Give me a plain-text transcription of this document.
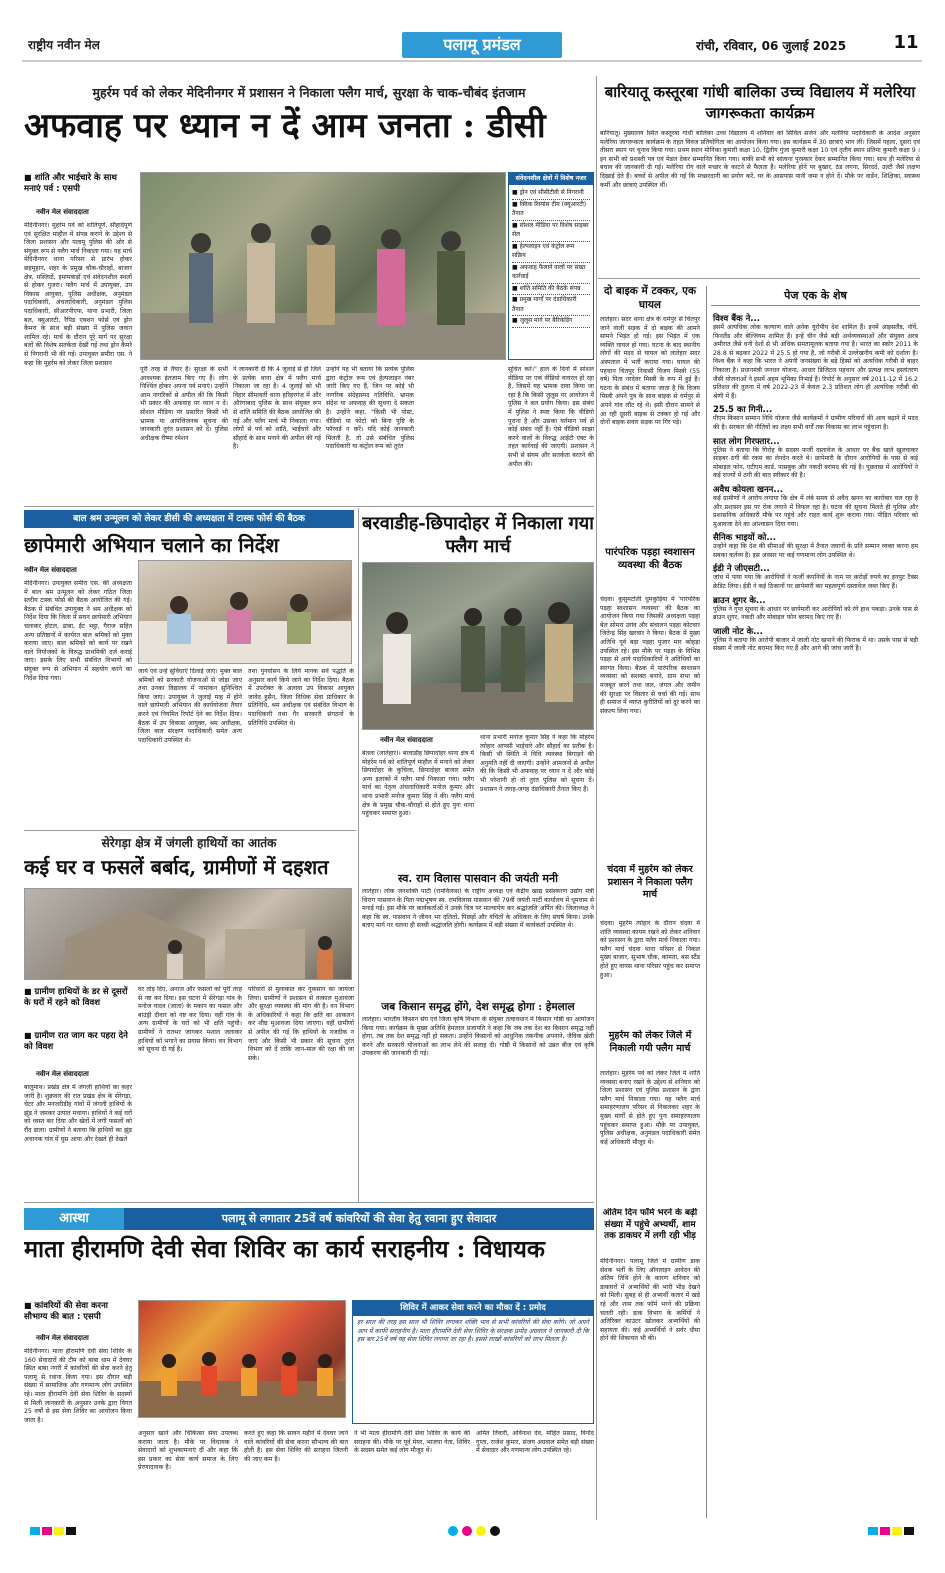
राष्ट्रीय नवीन मेल	पलामू प्रमंडल	रांची, रविवार, 06 जुलाई 2025	11
मुहर्रम पर्व को लेकर मेदिनीनगर में प्रशासन ने निकाला फ्लैग मार्च, सुरक्षा के चाक-चौबंद इंतजाम
अफवाह पर ध्यान न दें आम जनता : डीसी
■ शांति और भाईचारे के साथ मनाएं पर्व : एसपी
नवीन मेल संवाददाता
मेदिनीनगर। मुहर्रम पर्व को शांतिपूर्ण, सौहार्दपूर्ण एवं सुरक्षित माहौल में संपन्न कराने के उद्देश्य से जिला प्रशासन और पलामू पुलिस की ओर से संयुक्त रूप से फ्लैग मार्च निकाला गया। यह मार्च मेदिनीनगर थाना परिसर से प्रारंभ होकर छहमुहान, शहर के प्रमुख चौक-चौराहों, बाजार क्षेत्र, मस्जिदों, इमामबाड़ों एवं संवेदनशील स्थलों से होकर गुजरा। फ्लैग मार्च में उपायुक्त, उप विकास आयुक्त, पुलिस अधीक्षक, अनुमंडल पदाधिकारी, अंचलाधिकारी, अनुमंडल पुलिस पदाधिकारी, सीआरपीएफ, थाना प्रभारी, जिला बल, क्यूआरटी, रैपिड एक्शन फोर्स एवं ड्रोन कैमरा के साथ बड़ी संख्या में पुलिस जवान शामिल रहे। मार्च के दौरान पूरे मार्ग पर सुरक्षा बलों की विशेष सतर्कता देखी गई तथा ड्रोन कैमरे से निगरानी भी की गई। उपायुक्त समीरा एस. ने कहा कि मुहर्रम को लेकर जिला प्रशासन
संवेदनशील क्षेत्रों में विशेष नजर
■ ड्रोन एवं सीसीटीवी से निगरानी
■ क्विक रिस्पांस टीम (क्यूआरटी) तैनात
■ सोशल मीडिया पर विशेष साइबर सेल
■ हेल्पलाइन एवं कंट्रोल रूम सक्रिय
■ अफवाह फैलाने वालों पर सख्त कार्रवाई
■ शांति समिति की बैठकें संपन्न
■ प्रमुख मार्गों पर दंडाधिकारी तैनात
■ जुलूस मार्ग पर बैरिकेडिंग
पूरी तरह से तैयार है। सुरक्षा के सभी आवश्यक इंतजाम किए गए हैं। लोग निश्चिंत होकर अपना पर्व मनाएं। उन्होंने आम नागरिकों से अपील की कि किसी भी प्रकार की अफवाह पर ध्यान न दें। सोशल मीडिया पर प्रसारित किसी भी भ्रामक या आपत्तिजनक सूचना की जानकारी तुरंत प्रशासन को दें। पुलिस अधीक्षक रीष्मा रमेशन
ने जानकारी दी कि 4 जुलाई से ही जिले के प्रत्येक थाना क्षेत्र में फ्लैग मार्च निकाला जा रहा है। 4 जुलाई को भी विहार सीमावर्ती थाना हरिहरगंज में और औरंगाबाद पुलिस के साथ संयुक्त रूप से शांति समिति की बैठक आयोजित की गई और फ्लैग मार्च भी निकाला गया। लोगों से पर्व को शांति, भाईचारे और सौहार्द के साथ मनाने की अपील की गई है।
उन्होंने यह भी बताया कि प्रत्येक पुलिस द्वारा कंट्रोल रूम एवं हेल्पलाइन नंबर जारी किए गए हैं, जिन पर कोई भी नागरिक संदेहास्पद गतिविधि, भ्रामक संदेश या अफवाह की सूचना दे सकता है। उन्होंने कहा, "किसी भी पोस्ट, वीडियो या फोटो को बिना पुष्टि के फॉरवर्ड न करें। यदि कोई जानकारी मिलती है, तो उसे संबंधित पुलिस पदाधिकारी या कंट्रोल रूम को तुरंत
सूचित करें।" हाल के दिनों में सोशल मीडिया पर एक वीडियो वायरल हो रहा है, जिसमें यह भ्रामक दावा किया जा रहा है कि किसी जुलूस पर आयोजन में पुलिस ने बल प्रयोग किया। इस संबंध में पुलिस ने स्पष्ट किया कि वीडियो पुराना है और उसका वर्तमान पर्व से कोई संबंध नहीं है। ऐसे वीडियो साझा करने वालों के विरुद्ध आईटी एक्ट के तहत कार्रवाई की जाएगी। प्रशासन ने सभी से संयम और सतर्कता बरतने की अपील की।
बारियातू कस्तूरबा गांधी बालिका उच्च विद्यालय में मलेरिया जागरूकता कार्यक्रम
बारियातू। मुख्यालय स्थित कस्तूरबा गांधी बालिका उच्च विद्यालय में शनिवार को सिविल सर्जन और मलेरिया पदाधिकारी के आदेश अनुसार मलेरिया जागरूकता कार्यक्रम के तहत विवज प्रतियोगिता का आयोजन किया गया। इस कार्यक्रम में 30 छात्राएं भाग लीं। जिसमें पहला, दूसरा एवं तीसरा स्थान पर चुनाव किया गया। प्रथम स्थान मोनिका कुमारी कक्षा 10, द्वितीय गुंजा कुमारी कक्षा 10 एवं तृतीय स्थान प्रतिमा कुमारी कक्षा 9 । इन सभी को प्रशस्ती पत्र एवं मेडल देकर सम्मानित किया गया। बाकी सभी को सांत्वना पुरस्कार देकर सम्मानित किया गया। साथ ही मलेरिया से बचाव की जानकारी दी गई। मलेरिया रोग वाले मच्छर के काटने से फैलता है। मलेरिया होने पर बुखार, ठंड लगना, सिरदर्द, उल्टी जैसे लक्षण दिखाई देते हैं। बच्चों से अपील की गई कि मच्छरदानी का प्रयोग करें, घर के आसपास पानी जमा न होने दें। मौके पर वार्डेन, शिक्षिका, स्वास्थ्य कर्मी और छात्राएं उपस्थित थीं।
दो बाइक में टक्कर, एक घायल
लातेहार। सदर थाना क्षेत्र के धर्मपुर से चितपुर जाने वाली सड़क में दो बाइक की आमने सामने भिड़ंत हो गई। इस भिड़ंत में एक व्यक्ति घायल हो गया। घटना के बाद स्थानीय लोगों की मदद से घायल को लातेहार सदर अस्पताल में भर्ती कराया गया। घायल की पहचान चितपुर निवासी विजय मिस्त्री (55 वर्ष) पिता नरदेवर मिस्त्री के रूप में हुई है। घटना के संबंध में बताया जाता है कि विजय मिस्त्री अपने पुत्र के साथ बाइक से धर्मपुर से अपने गांव लौट रहे थे। इसी दौरान सामने से आ रही दूसरी बाइक से टक्कर हो गई और दोनों बाइक सवार सड़क पर गिर पड़े।
पेज एक के शेष
विश्व बैंक ने...
इसमें अत्यधिक लोक कल्याण वाले अनेक यूरोपीय देश शामिल हैं। इनमें आइसलैंड, नॉर्वे, फिनलैंड और बेल्जियम शामिल हैं। इन्हें चीन जैसे बड़ी अर्थव्यवस्थाओं और संयुक्त अरब अमीरात जैसे धनी देशों से भी अधिक समतामूलक बताया गया है। भारत का स्कोर 2011 के 28.8 से बढ़कर 2022 में 25.5 हो गया है, जो गरीबी में उल्लेखनीय कमी को दर्शाता है। विश्व बैंक ने कहा कि भारत ने अपनी जनसंख्या के बड़े हिस्से को अत्यधिक गरीबी से बाहर निकाला है। प्रधानमंत्री जनधन योजना, आधार डिजिटल पहचान और प्रत्यक्ष लाभ हस्तांतरण जैसी योजनाओं ने इसमें अहम भूमिका निभाई है। रिपोर्ट के अनुसार वर्ष 2011-12 में 16.2 प्रतिशत की तुलना में वर्ष 2022-23 में केवल 2.3 प्रतिशत लोग ही अत्यधिक गरीबी की श्रेणी में हैं।
25.5 का गिनी...
पीएम किसान सम्मान निधि योजना जैसे कार्यक्रमों ने ग्रामीण परिवारों की आय बढ़ाने में मदद की है। सरकार की नीतियों का लक्ष्य सभी वर्गों तक विकास का लाभ पहुंचाना है।
सात लोग गिरफ्तार...
पुलिस ने बताया कि गिरोह के सदस्य फर्जी दस्तावेज के आधार पर बैंक खाते खुलवाकर साइबर ठगी की रकम का लेनदेन करते थे। छापेमारी के दौरान आरोपियों के पास से कई मोबाइल फोन, एटीएम कार्ड, पासबुक और नकदी बरामद की गई है। पूछताछ में आरोपियों ने कई राज्यों में ठगी की बात स्वीकार की है।
अवैध कोयला खनन...
कई ग्रामीणों ने आरोप लगाया कि क्षेत्र में लंबे समय से अवैध खनन का कारोबार चल रहा है और प्रशासन इस पर रोक लगाने में विफल रहा है। घटना की सूचना मिलते ही पुलिस और प्रशासनिक अधिकारी मौके पर पहुंचे और राहत कार्य शुरू कराया गया। पीड़ित परिवार को मुआवजा देने का आश्वासन दिया गया।
सैनिक भाइयों को...
उन्होंने कहा कि देश की सीमाओं की सुरक्षा में तैनात जवानों के प्रति सम्मान व्यक्त करना हम सबका कर्तव्य है। इस अवसर पर कई गणमान्य लोग उपस्थित थे।
ईडी ने जीएसटी...
जांच में पाया गया कि आरोपियों ने फर्जी कंपनियों के नाम पर करोड़ों रुपये का इनपुट टैक्स क्रेडिट लिया। ईडी ने कई ठिकानों पर छापेमारी कर महत्वपूर्ण दस्तावेज जब्त किए हैं।
ब्राउन शुगर के...
पुलिस ने गुप्त सूचना के आधार पर छापेमारी कर आरोपियों को रंगे हाथ पकड़ा। उनके पास से ब्राउन शुगर, नकदी और मोबाइल फोन बरामद किए गए हैं।
जाली नोट के...
पुलिस ने बताया कि आरोपी बाजार में जाली नोट खपाने की फिराक में था। उसके पास से बड़ी संख्या में जाली नोट बरामद किए गए हैं और आगे की जांच जारी है।
बाल श्रम उन्मूलन को लेकर डीसी की अध्यक्षता में टास्क फोर्स की बैठक
छापेमारी अभियान चलाने का निर्देश
नवीन मेल संवाददाता
मेदिनीनगर। उपायुक्त समीरा एस. की अध्यक्षता में बाल श्रम उन्मूलन को लेकर गठित जिला स्तरीय टास्क फोर्स की बैठक आयोजित की गई। बैठक में संबंधित उपायुक्त ने श्रम अधीक्षक को निर्देश दिया कि जिला में सघन छापेमारी अभियान चलाकर होटल, ढाबा, ईंट भट्ठा, गैराज सहित अन्य प्रतिष्ठानों में कार्यरत बाल श्रमिकों को मुक्त कराया जाए। बाल श्रमिकों को कार्य पर रखने वाले नियोजकों के विरुद्ध प्राथमिकी दर्ज कराई जाए। इसके लिए सभी संबंधित विभागों को संयुक्त रूप से अभियान में सहयोग करने का निर्देश दिया गया।
जाये एवं उन्हें सुविधाएं दिलाई जाएं। मुक्त बाल श्रमिकों को सरकारी योजनाओं से जोड़ा जाए तथा उनका विद्यालय में नामांकन सुनिश्चित किया जाए। उपायुक्त ने जुलाई माह में होने वाले छापेमारी अभियान की कार्ययोजना तैयार करने एवं नियमित रिपोर्ट देने का निर्देश दिया। बैठक में उप विकास आयुक्त, श्रम अधीक्षक, जिला बाल संरक्षण पदाधिकारी समेत अन्य पदाधिकारी उपस्थित थे।
तथा पुनर्वासन के लिये मानक सर्वे पद्धति के अनुसार कार्य किये जाने का निर्देश दिया। बैठक में उपरोक्त के अलावा उप विकास आयुक्त जावेद हुसैन, जिला विधिक सेवा प्राधिकार के प्रतिनिधि, श्रम अधीक्षक एवं संबंधित विभाग के पदाधिकारी तथा गैर सरकारी संगठनों के प्रतिनिधि उपस्थित थे।
बरवाडीह-छिपादोहर में निकाला गया फ्लैग मार्च
नवीन मेल संवाददाता
बेतला (लातेहार)। बरवाडीह छिपादोहर थाना क्षेत्र में मोहर्रम पर्व को शांतिपूर्ण माहौल में मनाने को लेकर छिपादोहर के कुचिला, छिपादोहर बाजार समेत अन्य इलाकों में फ्लैग मार्च निकाला गया। फ्लैग मार्च का नेतृत्व अंचलाधिकारी मनोज कुमार और थाना प्रभारी मनोज कुमार सिंह ने की। फ्लैग मार्च क्षेत्र के प्रमुख चौक-चौराहों से होते हुए पुनः थाना पहुंचकर समाप्त हुआ।
थाना प्रभारी मनोज कुमार सिंह ने कहा कि मोहर्रम त्योहार आपसी भाईचारे और सौहार्द का प्रतीक है। किसी भी स्थिति में विधि व्यवस्था बिगाड़ने की अनुमति नहीं दी जाएगी। उन्होंने आमजनों से अपील की कि किसी भी अफवाह पर ध्यान न दें और कोई भी परेशानी हो तो तुरंत पुलिस को सूचना दें। प्रशासन ने जगह-जगह दंडाधिकारी तैनात किए हैं।
पारंपरिक पड़हा स्वशासन व्यवस्था की बैठक
चंदवा। कुसुमटोली धुमकुड़िया में 'पारंपरिक पड़हा स्वशासन व्यवस्था' की बैठक का आयोजन किया गया जिसकी अध्यक्षता पड़हा बेल सोमरा उरांव और संचालन पड़हा कोटवार जितेन्द्र सिंह खरवार ने किया। बैठक में मुख्य अतिथि पूर्व बड़ा पड़हा पुजार मार कोहड़ा उपस्थित रहे। इस मौके पर पड़हा के विभिन्न पड़हा से आये पदाधिकारियों ने अतिथियों का स्वागत किया। बैठक में पारंपरिक स्वशासन व्यवस्था को सशक्त बनाने, ग्राम सभा को मजबूत करने तथा जल, जंगल और जमीन की सुरक्षा पर विस्तार से चर्चा की गई। साथ ही समाज में व्याप्त कुरीतियों को दूर करने का संकल्प लिया गया।
चंदवा में मुहर्रम को लेकर प्रशासन ने निकाला फ्लैग मार्च
चंदवा। मुहर्रम त्योहार के दौरान चंदवा में शांति व्यवस्था कायम रखने को लेकर शनिवार को प्रशासन के द्वारा फ्लैग मार्च निकाला गया। फ्लैग मार्च चंदवा थाना परिसर से निकल मुख्य बाजार, सुभाष चौक, कामता, बस स्टैंड होते हुए वापस थाना परिसर पहुंच कर समाप्त हुआ।
सेरेगड़ा क्षेत्र में जंगली हाथियों का आतंक
कई घर व फसलें बर्बाद, ग्रामीणों में दहशत
■ ग्रामीण हाथियों के डर से दूसरों के घरों में रहने को विवश
■ ग्रामीण रात जाग कर पहरा देने को विवश
नवीन मेल संवाददाता
बालूमाथ। प्रखंड क्षेत्र में जंगली हाथियों का कहर जारी है। शुक्रवार की रात प्रखंड क्षेत्र के सेरेगड़ा, चेटर और मनजरीडीह गांवों में जंगली हाथियों के झुंड ने जमकर उत्पात मचाया। हाथियों ने कई घरों को ध्वस्त कर दिया और खेतों में लगी फसलों को रौंद डाला। ग्रामीणों ने बताया कि हाथियों का झुंड अचानक गांव में घुस आया और देखते ही देखते
घर तोड़ दिए, अनाज और फसलों को पूरी तरह से नष्ट कर दिया। इस घटना में सेरेगड़ा गांव के मनोज यादव (जाता) के मकान का फसल और बाउंड्री दीवार को नष्ट कर दिया। वहीं गांव के अन्य ग्रामीणों के घरों को भी क्षति पहुंची। ग्रामीणों ने रातभर जागकर मशाल जलाकर हाथियों को भगाने का प्रयास किया। वन विभाग को सूचना दी गई है।
परिवारों से मुलाकात कर नुकसान का जायजा लिया। ग्रामीणों ने प्रशासन से तत्काल मुआवजा और सुरक्षा व्यवस्था की मांग की है। वन विभाग के अधिकारियों ने कहा कि क्षति का आकलन कर शीघ्र मुआवजा दिया जाएगा। वहीं ग्रामीणों से अपील की गई कि हाथियों के नजदीक न जाएं और किसी भी प्रकार की सूचना तुरंत विभाग को दें ताकि जान-माल की रक्षा की जा सके।
स्व. राम विलास पासवान की जयंती मनी
लातेहार। लोक जनशक्ति पार्टी (रामविलास) के राष्ट्रीय अध्यक्ष एवं केंद्रीय खाद्य प्रसंस्करण उद्योग मंत्री चिराग पासवान के पिता पद्मभूषण स्व. रामविलास पासवान की 79वीं जयंती पार्टी कार्यालय में धूमधाम से मनाई गई। इस मौके पर कार्यकर्ताओं ने उनके चित्र पर माल्यार्पण कर श्रद्धांजलि अर्पित की। जिलाध्यक्ष ने कहा कि स्व. पासवान ने जीवन भर दलितों, पिछड़ों और वंचितों के अधिकार के लिए संघर्ष किया। उनके बताए मार्ग पर चलना ही सच्ची श्रद्धांजलि होगी। कार्यक्रम में बड़ी संख्या में कार्यकर्ता उपस्थित थे।
जब किसान समृद्ध होंगे, देश समृद्ध होगा : हेमलाल
लातेहार। भारतीय किसान संघ एवं जिला कृषि विभाग के संयुक्त तत्वावधान में किसान गोष्ठी का आयोजन किया गया। कार्यक्रम के मुख्य अतिथि हेमलाल प्रजापति ने कहा कि जब तक देश का किसान समृद्ध नहीं होगा, तब तक देश समृद्ध नहीं हो सकता। उन्होंने किसानों को आधुनिक तकनीक अपनाने, जैविक खेती करने और सरकारी योजनाओं का लाभ लेने की सलाह दी। गोष्ठी में किसानों को उन्नत बीज एवं कृषि उपकरण की जानकारी दी गई।
मुहर्रम को लेकर जिले में निकाली गयी फ्लैग मार्च
लातेहार। मुहर्रम पर्व को लेकर जिले में शांति व्यवस्था बनाए रखने के उद्देश्य से शनिवार को जिला प्रशासन एवं पुलिस प्रशासन के द्वारा फ्लैग मार्च निकाला गया। यह फ्लैग मार्च समाहरणालय परिसर से निकलकर शहर के मुख्य मार्गों से होते हुए पुनः समाहरणालय पहुंचकर समाप्त हुआ। मौके पर उपायुक्त, पुलिस अधीक्षक, अनुमंडल पदाधिकारी समेत कई अधिकारी मौजूद थे।
अंतिम दिन फॉर्म भरने के बढ़ी संख्या में पहुंचे अभ्यर्थी, शाम तक डाकघर में लगी रही भीड़
मेदिनीनगर। पलामू जिले में ग्रामीण डाक सेवक भर्ती के लिए ऑनलाइन आवेदन की अंतिम तिथि होने के कारण शनिवार को डाकघरों में अभ्यर्थियों की भारी भीड़ देखने को मिली। सुबह से ही अभ्यर्थी कतार में खड़े रहे और शाम तक फॉर्म भरने की प्रक्रिया चलती रही। डाक विभाग के कर्मियों ने अतिरिक्त काउंटर खोलकर अभ्यर्थियों की सहायता की। कई अभ्यर्थियों ने सर्वर धीमा होने की शिकायत भी की।
आस्था	पलामू से लगातार 25वें वर्ष कांवरियों की सेवा हेतु रवाना हुए सेवादार
माता हीरामणि देवी सेवा शिविर का कार्य सराहनीय : विधायक
■ कांवरियों की सेवा करना सौभाग्य की बात : एसपी
नवीन मेल संवाददाता
मेदिनीनगर। माता हीरामणि देवी सेवा शिविर के 160 सेवादारों की टीम को बाबा धाम में देवघर स्थित बाबा नगरी में कांवरियों की सेवा करने हेतु पलामू से रवाना किया गया। इस दौरान बड़ी संख्या में सामाजिक और गणमान्य लोग उपस्थित रहे। माता हीरामणि देवी सेवा शिविर के सदस्यों से मिली जानकारी के अनुसार उनके द्वारा विगत 25 वर्षों से इस सेवा शिविर का आयोजन किया जाता है।
शिविर में आकर सेवा करने का मौका दें : प्रमोद
हर साल की तरह इस साल भी शिविर लगाकर शक्ति भाव से सभी कांवरियों की सेवा करेंगे। जो अपने आप में काफी सराहनीय है। माता हीरामणि देवी सेवा शिविर के संरक्षक प्रमोद अग्रवाल ने जानकारी दी कि इस बार 25वें वर्ष यह सेवा शिविर लगाया जा रहा है। इससे लाखों कांवरियों को लाभ मिलता है।
अनुसार खाने और चिकित्सा सेवा उपलब्ध कराया जाता है। मौके पर विधायक ने सेवादारों को शुभकामनाएं दीं और कहा कि इस प्रकार का सेवा कार्य समाज के लिए प्रेरणादायक है।
करते हुए कहा कि सावन महीने में देवघर जाने वाले कांवरियों की सेवा करना सौभाग्य की बात होती है। इस सेवा शिविर की सराहना जितनी की जाए कम है।
ने भी माता हीरामणि देवी सेवा शिविर के कार्य की सराहना की। मौके पर पूर्व मेयर, भाजपा नेता, शिविर के सदस्य समेत कई लोग मौजूद थे।
अमित तिवारी, अविनाश देव, मोहित प्रसाद, विनोद गुप्ता, राजेश कुमार, संजय अग्रवाल समेत बड़ी संख्या में सेवादार और गणमान्य लोग उपस्थित रहे।
